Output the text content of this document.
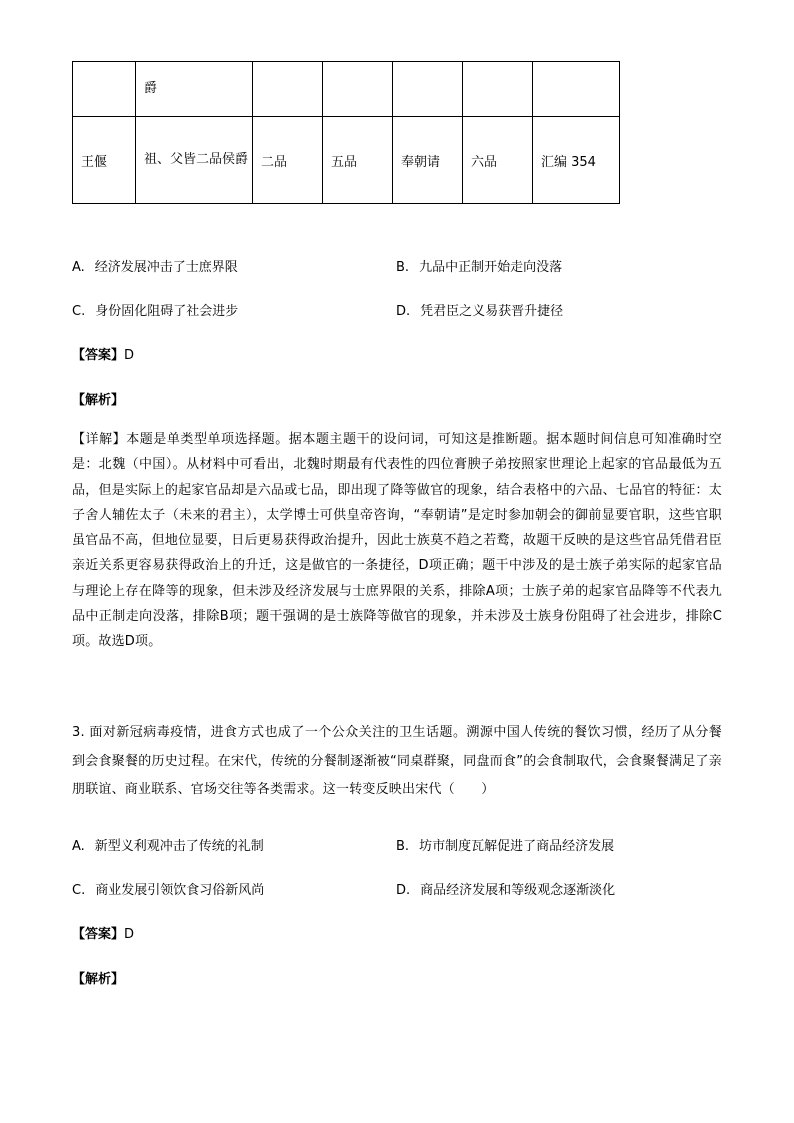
	爵					
王偃	祖、父皆二品侯爵	二品	五品	奉朝请	六品	汇编 354
A. 经济发展冲击了士庶界限	B. 九品中正制开始走向没落
C. 身份固化阻碍了社会进步	D. 凭君臣之义易获晋升捷径
【答案】D
【解析】
【详解】本题是单类型单项选择题。据本题主题干的设问词，可知这是推断题。据本题时间信息可知准确时空是：北魏（中国）。从材料中可看出，北魏时期最有代表性的四位膏腴子弟按照家世理论上起家的官品最低为五品，但是实际上的起家官品却是六品或七品，即出现了降等做官的现象，结合表格中的六品、七品官的特征：太子舍人辅佐太子（未来的君主），太学博士可供皇帝咨询，“奉朝请”是定时参加朝会的御前显要官职，这些官职虽官品不高，但地位显要，日后更易获得政治提升，因此士族莫不趋之若鹜，故题干反映的是这些官品凭借君臣亲近关系更容易获得政治上的升迁，这是做官的一条捷径，D项正确；题干中涉及的是士族子弟实际的起家官品与理论上存在降等的现象，但未涉及经济发展与士庶界限的关系，排除A项；士族子弟的起家官品降等不代表九品中正制走向没落，排除B项；题干强调的是士族降等做官的现象，并未涉及士族身份阻碍了社会进步，排除C项。故选D项。
3. 面对新冠病毒疫情，进食方式也成了一个公众关注的卫生话题。溯源中国人传统的餐饮习惯，经历了从分餐到会食聚餐的历史过程。在宋代，传统的分餐制逐渐被“同桌群聚，同盘而食”的会食制取代，会食聚餐满足了亲朋联谊、商业联系、官场交往等各类需求。这一转变反映出宋代（　　）
A. 新型义利观冲击了传统的礼制	B. 坊市制度瓦解促进了商品经济发展
C. 商业发展引领饮食习俗新风尚	D. 商品经济发展和等级观念逐渐淡化
【答案】D
【解析】
